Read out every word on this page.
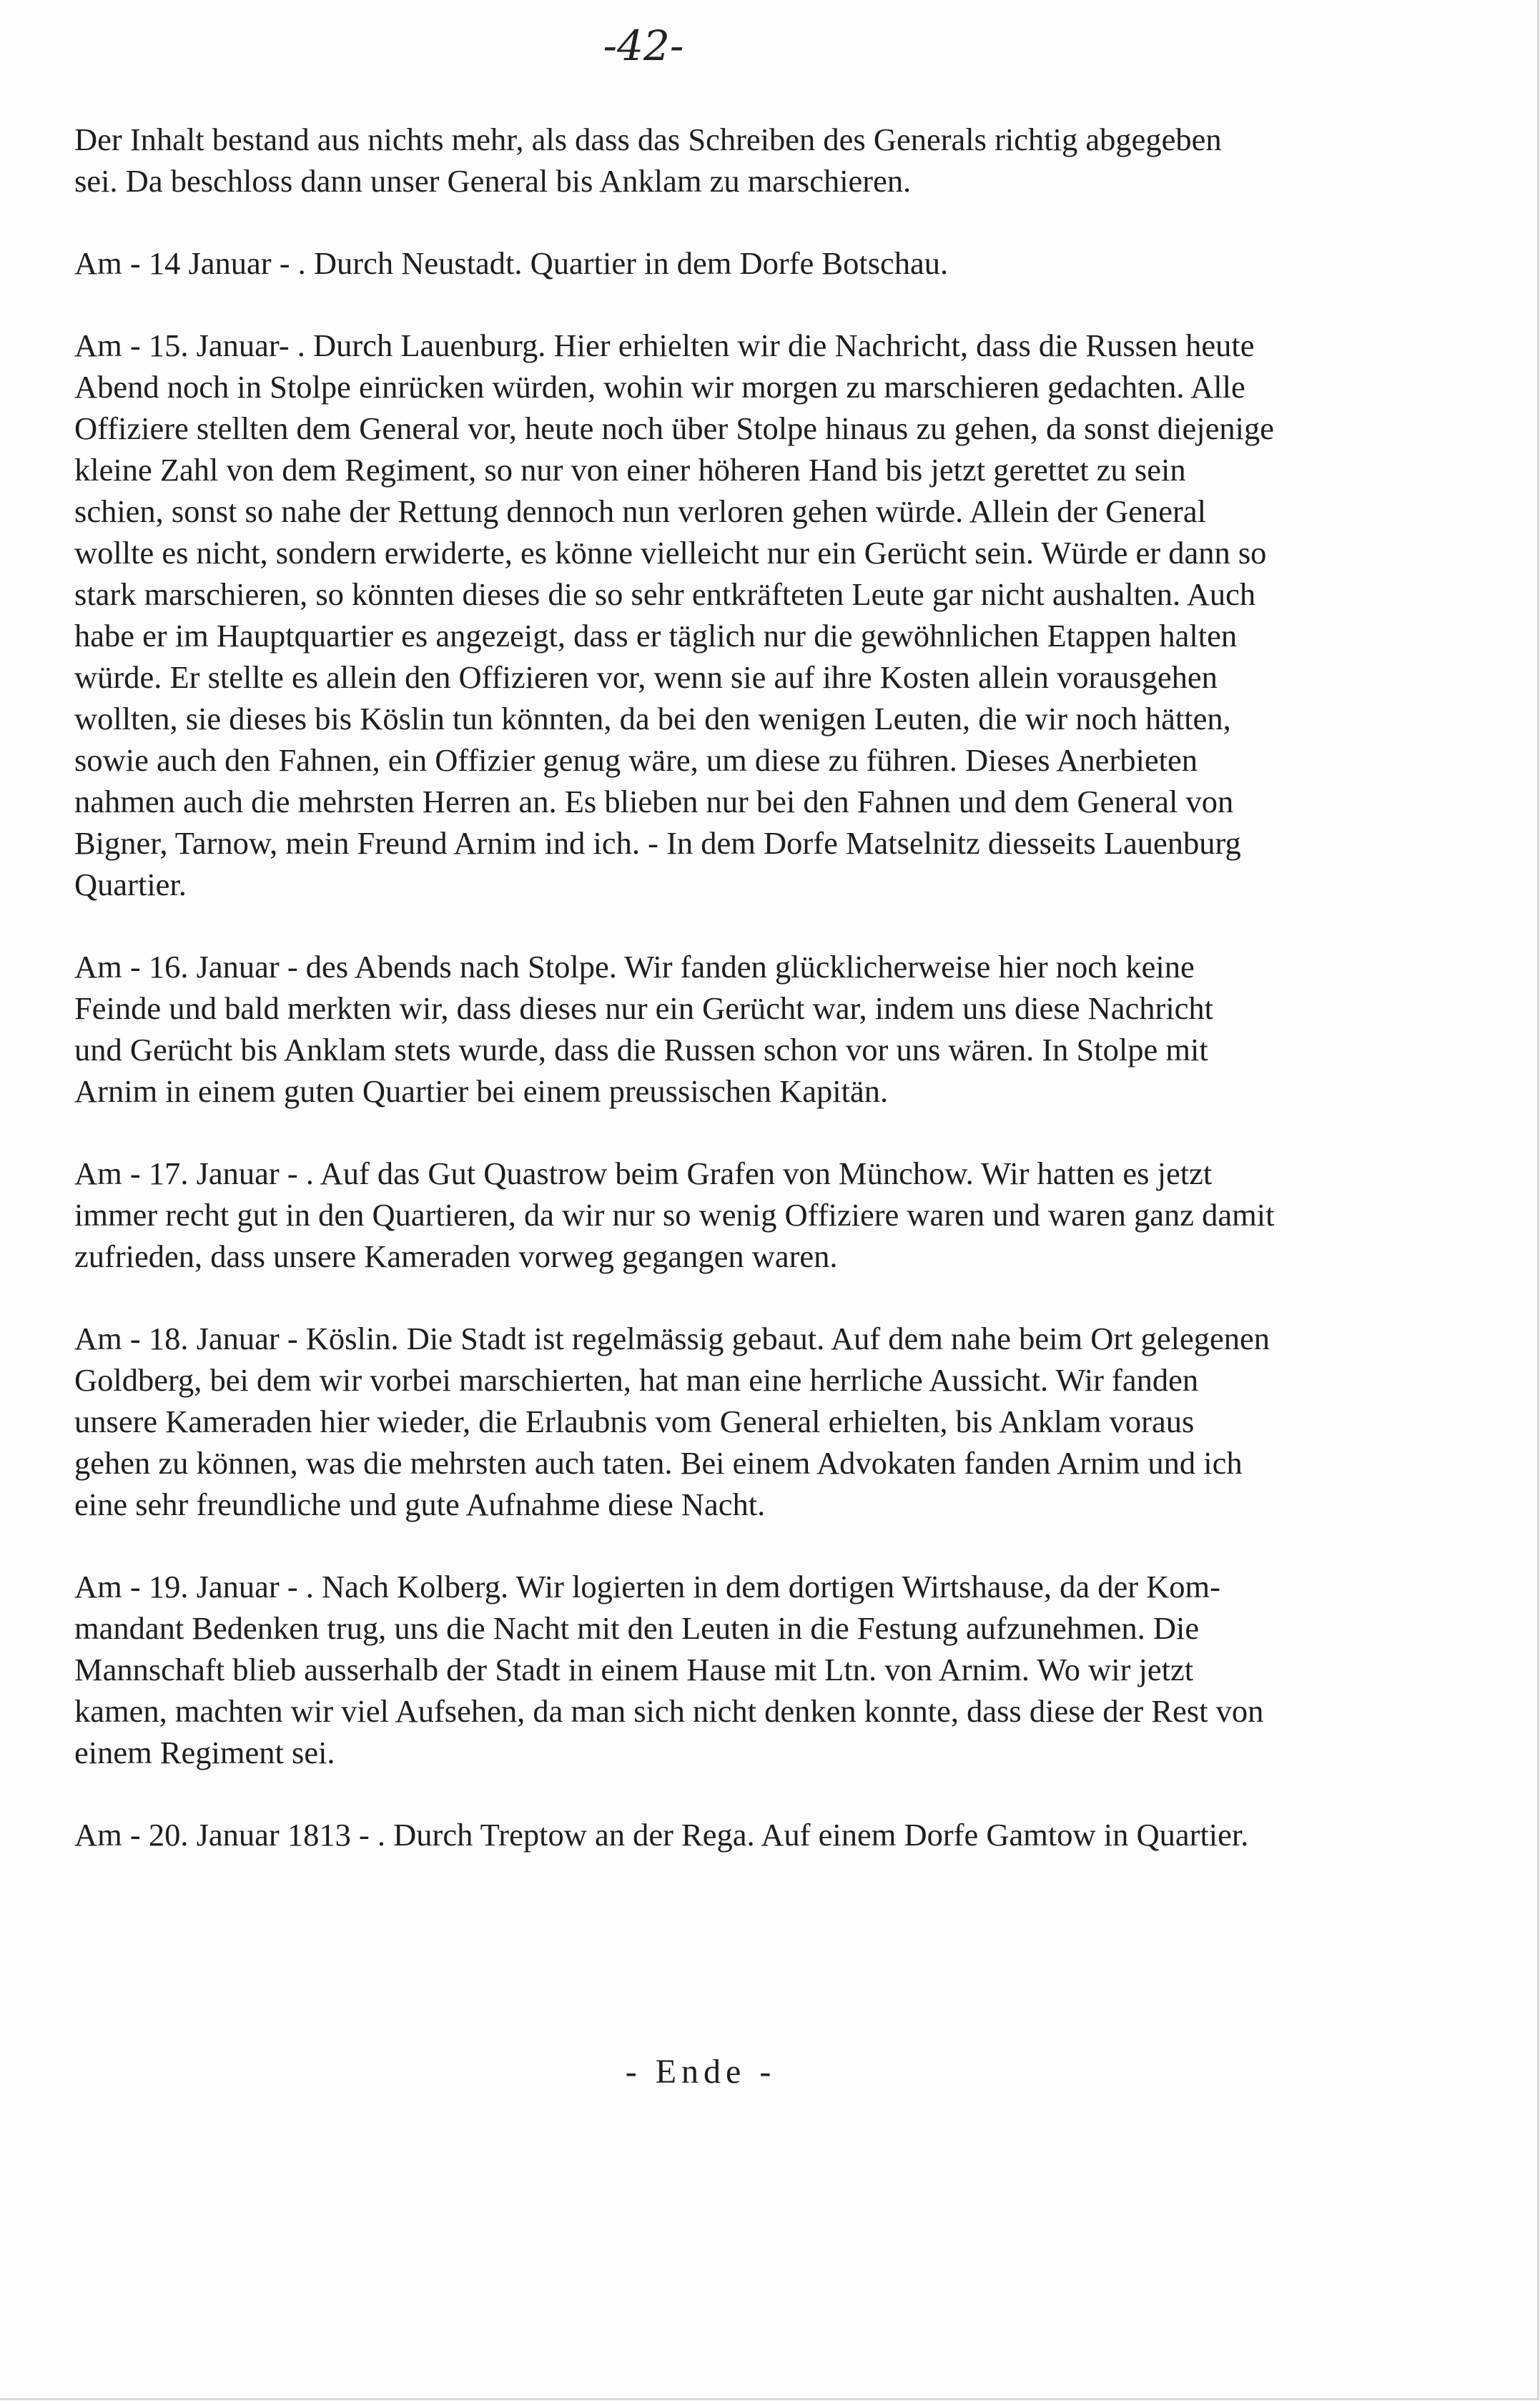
-42-

Der Inhalt bestand aus nichts mehr, als dass das Schreiben des Generals richtig abgegeben
sei. Da beschloss dann unser General bis Anklam zu marschieren.

Am - 14 Januar - . Durch Neustadt. Quartier in dem Dorfe Botschau.

Am - 15. Januar- . Durch Lauenburg. Hier erhielten wir die Nachricht, dass die Russen heute
Abend noch in Stolpe einrücken würden, wohin wir morgen zu marschieren gedachten. Alle
Offiziere stellten dem General vor, heute noch über Stolpe hinaus zu gehen, da sonst diejenige
kleine Zahl von dem Regiment, so nur von einer höheren Hand bis jetzt gerettet zu sein
schien, sonst so nahe der Rettung dennoch nun verloren gehen würde. Allein der General
wollte es nicht, sondern erwiderte, es könne vielleicht nur ein Gerücht sein. Würde er dann so
stark marschieren, so könnten dieses die so sehr entkräfteten Leute gar nicht aushalten. Auch
habe er im Hauptquartier es angezeigt, dass er täglich nur die gewöhnlichen Etappen halten
würde. Er stellte es allein den Offizieren vor, wenn sie auf ihre Kosten allein vorausgehen
wollten, sie dieses bis Köslin tun könnten, da bei den wenigen Leuten, die wir noch hätten,
sowie auch den Fahnen, ein Offizier genug wäre, um diese zu führen. Dieses Anerbieten
nahmen auch die mehrsten Herren an. Es blieben nur bei den Fahnen und dem General von
Bigner, Tarnow, mein Freund Arnim ind ich. - In dem Dorfe Matselnitz diesseits Lauenburg
Quartier.

Am - 16. Januar - des Abends nach Stolpe. Wir fanden glücklicherweise hier noch keine
Feinde und bald merkten wir, dass dieses nur ein Gerücht war, indem uns diese Nachricht
und Gerücht bis Anklam stets wurde, dass die Russen schon vor uns wären. In Stolpe mit
Arnim in einem guten Quartier bei einem preussischen Kapitän.

Am - 17. Januar - . Auf das Gut Quastrow beim Grafen von Münchow. Wir hatten es jetzt
immer recht gut in den Quartieren, da wir nur so wenig Offiziere waren und waren ganz damit
zufrieden, dass unsere Kameraden vorweg gegangen waren.

Am - 18. Januar - Köslin. Die Stadt ist regelmässig gebaut. Auf dem nahe beim Ort gelegenen
Goldberg, bei dem wir vorbei marschierten, hat man eine herrliche Aussicht. Wir fanden
unsere Kameraden hier wieder, die Erlaubnis vom General erhielten, bis Anklam voraus
gehen zu können, was die mehrsten auch taten. Bei einem Advokaten fanden Arnim und ich
eine sehr freundliche und gute Aufnahme diese Nacht.

Am - 19. Januar - . Nach Kolberg. Wir logierten in dem dortigen Wirtshause, da der Kom-
mandant Bedenken trug, uns die Nacht mit den Leuten in die Festung aufzunehmen. Die
Mannschaft blieb ausserhalb der Stadt in einem Hause mit Ltn. von Arnim. Wo wir jetzt
kamen, machten wir viel Aufsehen, da man sich nicht denken konnte, dass diese der Rest von
einem Regiment sei.

Am - 20. Januar 1813 - . Durch Treptow an der Rega. Auf einem Dorfe Gamtow in Quartier.

- Ende -
